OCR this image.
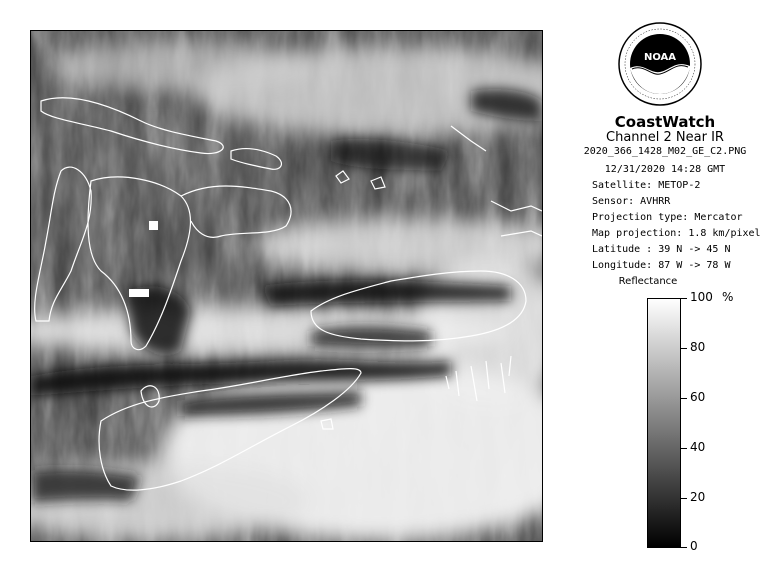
NOAA
CoastWatch
Channel 2 Near IR
2020_366_1428_M02_GE_C2.PNG
12/31/2020 14:28 GMT
Satellite: METOP-2
Sensor: AVHRR
Projection type: Mercator
Map projection: 1.8 km/pixel
Latitude : 39 N -> 45 N
Longitude: 87 W -> 78 W
Reflectance
%
100
80
60
40
20
0
